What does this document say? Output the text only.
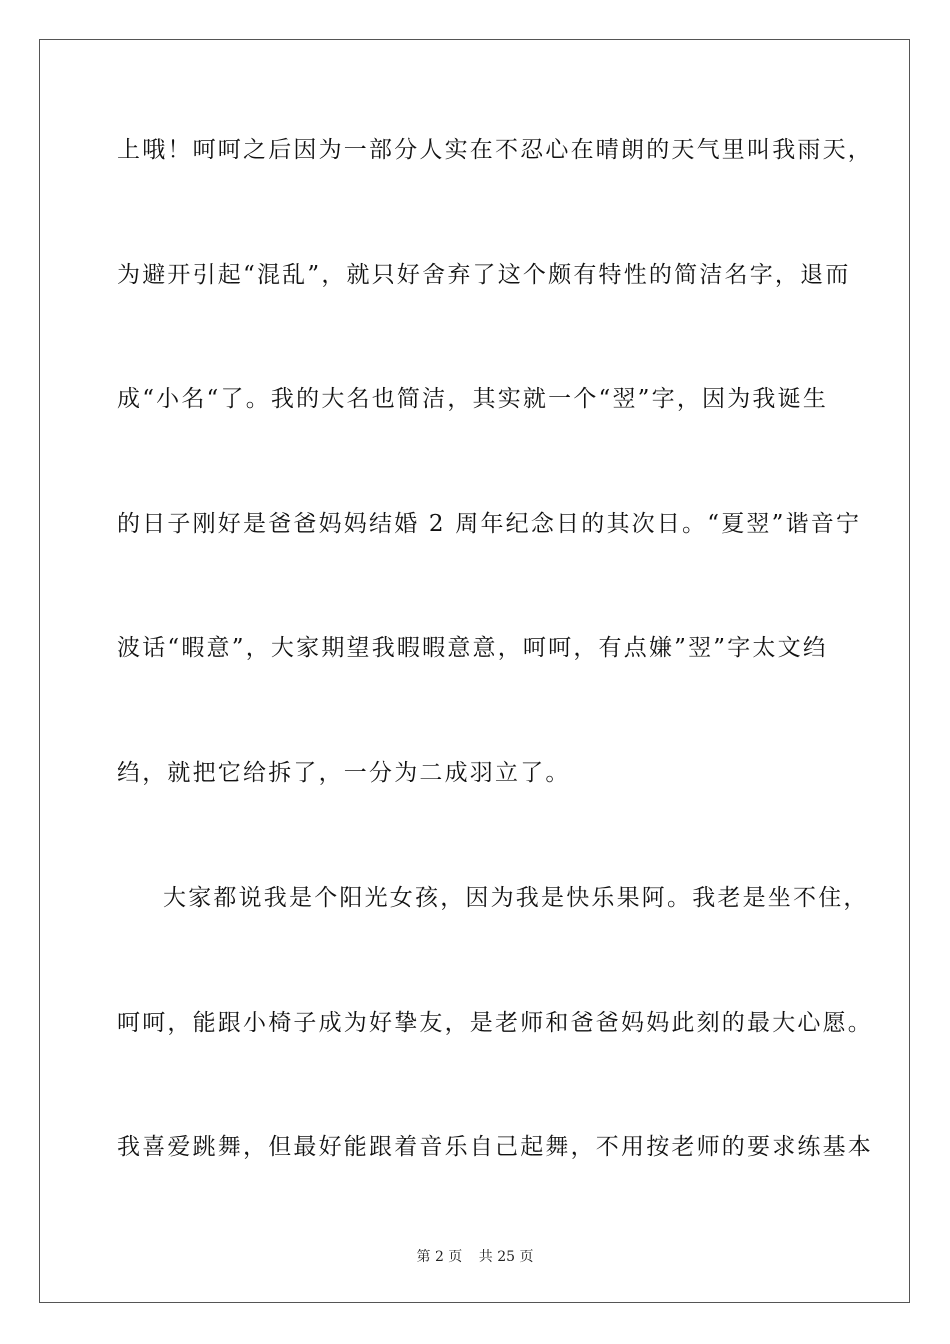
上哦！呵呵之后因为一部分人实在不忍心在晴朗的天气里叫我雨天，
为避开引起“混乱”，就只好舍弃了这个颇有特性的简洁名字，退而
成“小名“了。我的大名也简洁，其实就一个“翌”字，因为我诞生
的日子刚好是爸爸妈妈结婚 2 周年纪念日的其次日。“夏翌”谐音宁
波话“暇意”，大家期望我暇暇意意，呵呵，有点嫌”翌”字太文绉
绉，就把它给拆了，一分为二成羽立了。
大家都说我是个阳光女孩，因为我是快乐果阿。我老是坐不住，
呵呵，能跟小椅子成为好挚友，是老师和爸爸妈妈此刻的最大心愿。
我喜爱跳舞，但最好能跟着音乐自己起舞，不用按老师的要求练基本
第 2 页 共 25 页
